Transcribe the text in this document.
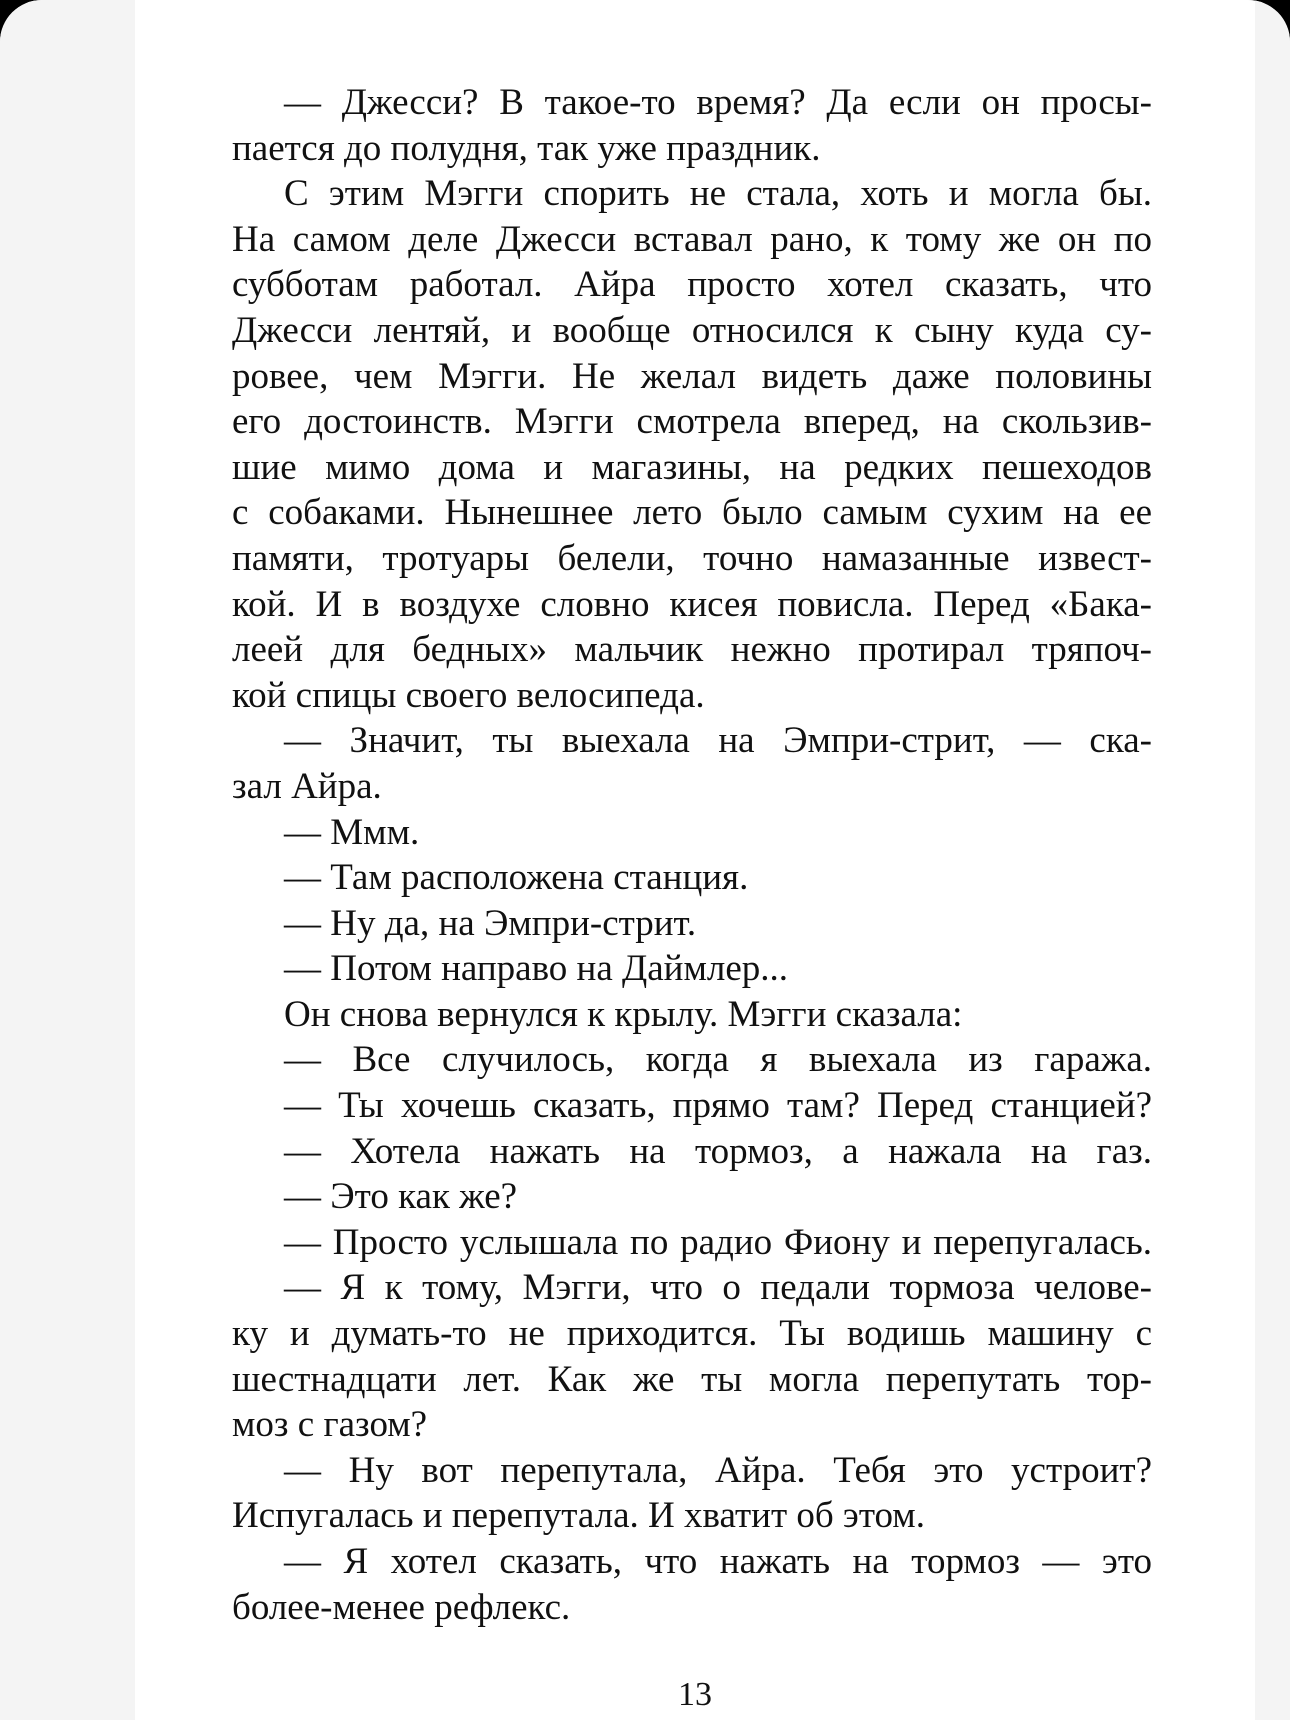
— Джесси? В такое-то время? Да если он просы-
пается до полудня, так уже праздник.
С этим Мэгги спорить не стала, хоть и могла бы.
На самом деле Джесси вставал рано, к тому же он по
субботам работал. Айра просто хотел сказать, что
Джесси лентяй, и вообще относился к сыну куда су-
ровее, чем Мэгги. Не желал видеть даже половины
его достоинств. Мэгги смотрела вперед, на скользив-
шие мимо дома и магазины, на редких пешеходов
с собаками. Нынешнее лето было самым сухим на ее
памяти, тротуары белели, точно намазанные извест-
кой. И в воздухе словно кисея повисла. Перед «Бака-
леей для бедных» мальчик нежно протирал тряпоч-
кой спицы своего велосипеда.
— Значит, ты выехала на Эмпри-стрит, — ска-
зал Айра.
— Ммм.
— Там расположена станция.
— Ну да, на Эмпри-стрит.
— Потом направо на Даймлер...
Он снова вернулся к крылу. Мэгги сказала:
— Все случилось, когда я выехала из гаража.
— Ты хочешь сказать, прямо там? Перед станцией?
— Хотела нажать на тормоз, а нажала на газ.
— Это как же?
— Просто услышала по радио Фиону и перепугалась.
— Я к тому, Мэгги, что о педали тормоза челове-
ку и думать-то не приходится. Ты водишь машину с
шестнадцати лет. Как же ты могла перепутать тор-
моз с газом?
— Ну вот перепутала, Айра. Тебя это устроит?
Испугалась и перепутала. И хватит об этом.
— Я хотел сказать, что нажать на тормоз — это
более-менее рефлекс.
13
